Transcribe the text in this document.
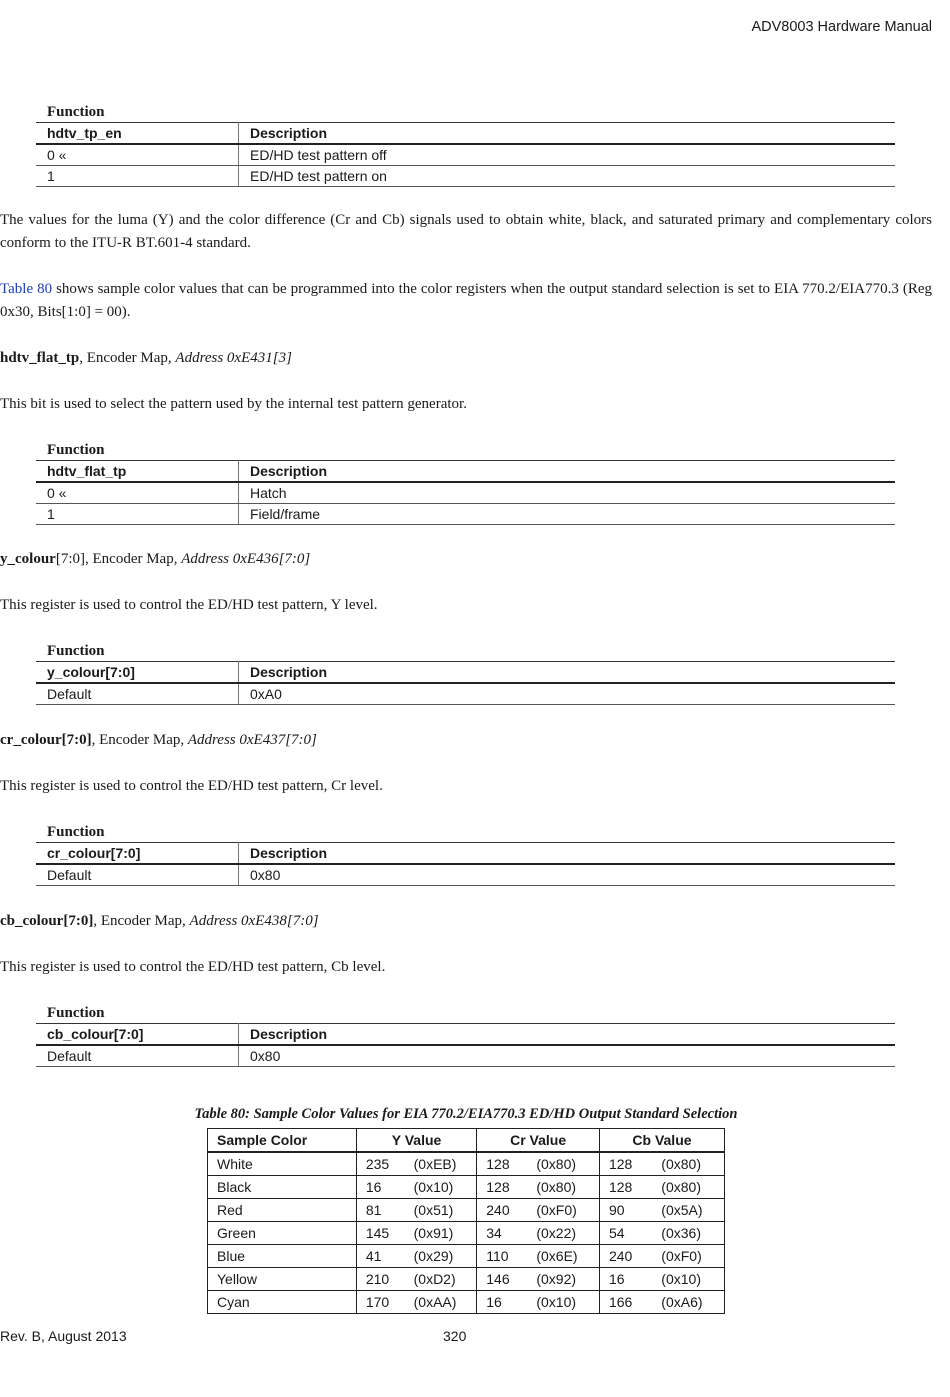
ADV8003 Hardware Manual
Function
hdtv_tp_en	Description
0 «	ED/HD test pattern off
1	ED/HD test pattern on

The values for the luma (Y) and the color difference (Cr and Cb) signals used to obtain white, black, and saturated primary and complementary colors conform to the ITU-R BT.601-4 standard.

Table 80 shows sample color values that can be programmed into the color registers when the output standard selection is set to EIA 770.2/EIA770.3 (Reg 0x30, Bits[1:0] = 00).

hdtv_flat_tp, Encoder Map, Address 0xE431[3]

This bit is used to select the pattern used by the internal test pattern generator.

Function
hdtv_flat_tp	Description
0 «	Hatch
1	Field/frame

y_colour[7:0], Encoder Map, Address 0xE436[7:0]

This register is used to control the ED/HD test pattern, Y level.

Function
y_colour[7:0]	Description
Default	0xA0

cr_colour[7:0], Encoder Map, Address 0xE437[7:0]

This register is used to control the ED/HD test pattern, Cr level.

Function
cr_colour[7:0]	Description
Default	0x80

cb_colour[7:0], Encoder Map, Address 0xE438[7:0]

This register is used to control the ED/HD test pattern, Cb level.

Function
cb_colour[7:0]	Description
Default	0x80
Table 80: Sample Color Values for EIA 770.2/EIA770.3 ED/HD Output Standard Selection
Sample Color	Y Value		Cr Value		Cb Value	
White	235	(0xEB)	128	(0x80)	128	(0x80)
Black	16	(0x10)	128	(0x80)	128	(0x80)
Red	81	(0x51)	240	(0xF0)	90	(0x5A)
Green	145	(0x91)	34	(0x22)	54	(0x36)
Blue	41	(0x29)	110	(0x6E)	240	(0xF0)
Yellow	210	(0xD2)	146	(0x92)	16	(0x10)
Cyan	170	(0xAA)	16	(0x10)	166	(0xA6)
Rev. B, August 2013	320
